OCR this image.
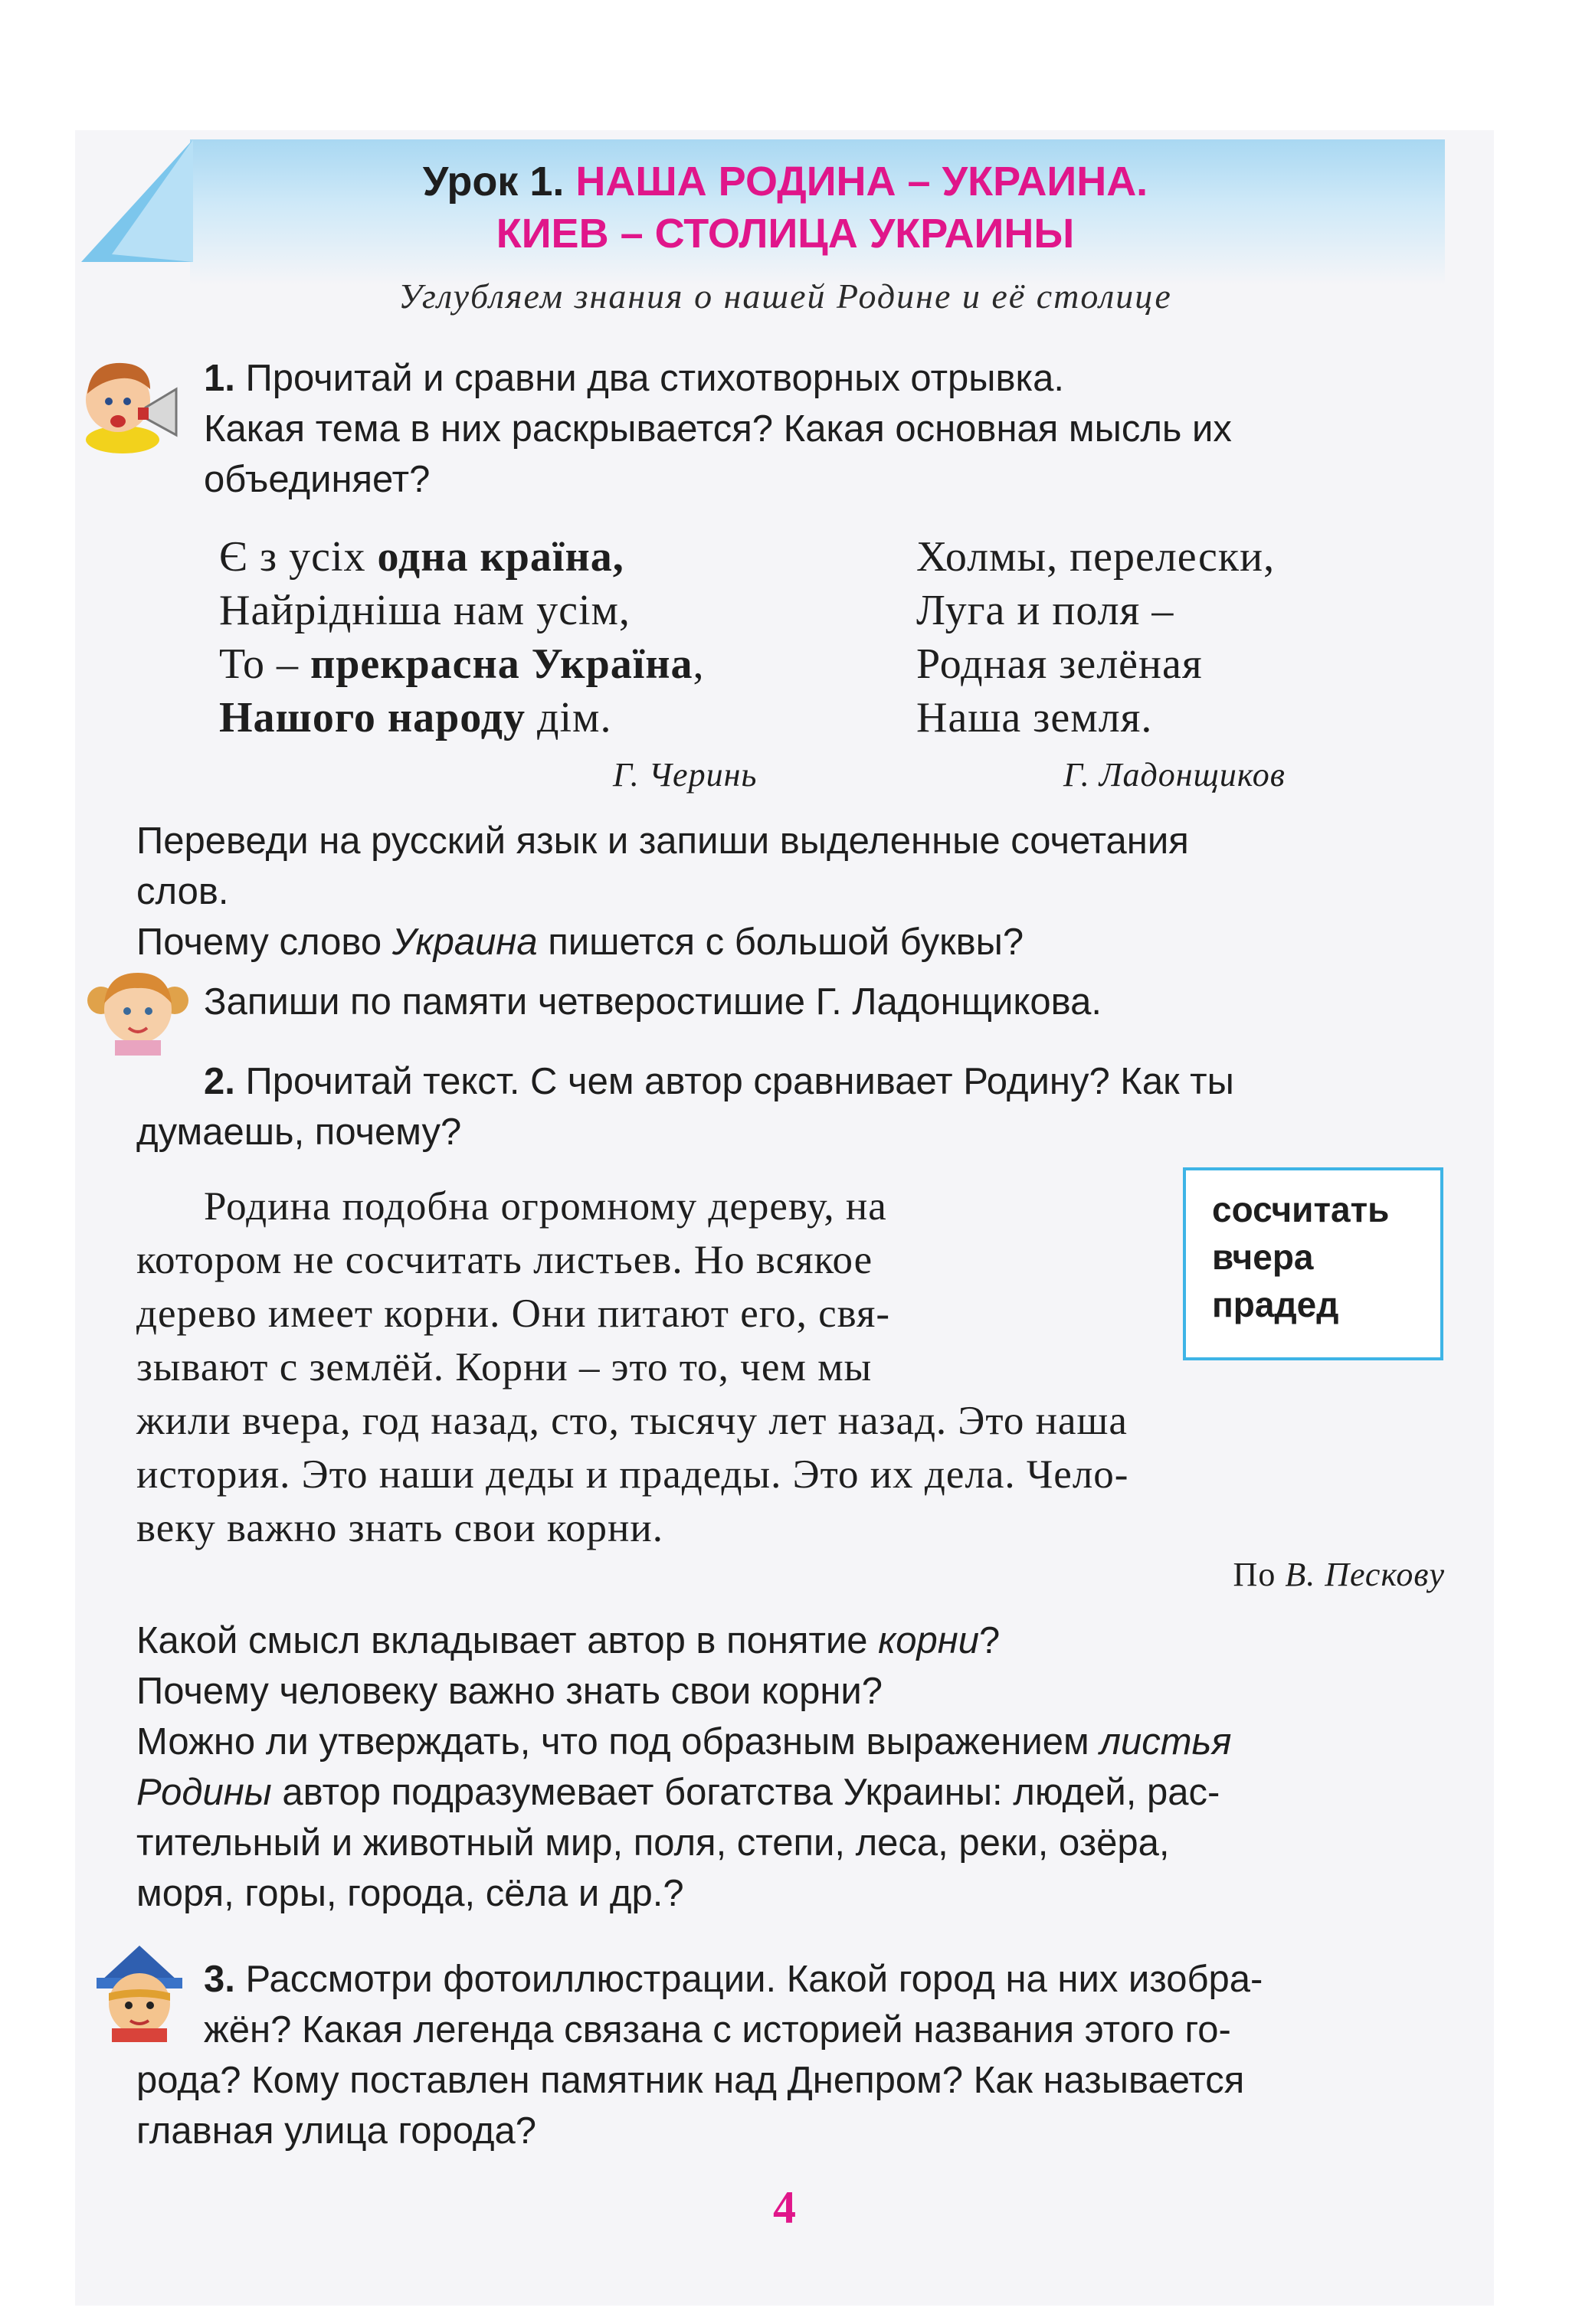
Урок 1. НАША РОДИНА – УКРАИНА.
КИЕВ – СТОЛИЦА УКРАИНЫ
Углубляем знания о нашей Родине и её столице
1. Прочитай и сравни два стихотворных отрывка.
Какая тема в них раскрывается? Какая основная мысль их
объединяет?
Є з усіх одна країна,
Найрідніша нам усім,
То – прекрасна Україна,
Нашого народу дім.
Г. Черинь
Холмы, перелески,
Луга и поля –
Родная зелёная
Наша земля.
Г. Ладонщиков
Переведи на русский язык и запиши выделенные сочетания
слов.
Почему слово Украина пишется с большой буквы?
Запиши по памяти четверостишие Г. Ладонщикова.
2. Прочитай текст. С чем автор сравнивает Родину? Как ты
думаешь, почему?
Родина подобна огромному дереву, на
котором не сосчитать листьев. Но всякое
дерево имеет корни. Они питают его, свя-
зывают с землёй. Корни – это то, чем мы
жили вчера, год назад, сто, тысячу лет назад. Это наша
история. Это наши деды и прадеды. Это их дела. Чело-
веку важно знать свои корни.
По В. Пескову
сосчитать
вчера
прадед
Какой смысл вкладывает автор в понятие корни?
Почему человеку важно знать свои корни?
Можно ли утверждать, что под образным выражением листья
Родины автор подразумевает богатства Украины: людей, рас-
тительный и животный мир, поля, степи, леса, реки, озёра,
моря, горы, города, сёла и др.?
3. Рассмотри фотоиллюстрации. Какой город на них изобра-
жён? Какая легенда связана с историей названия этого го-
рода? Кому поставлен памятник над Днепром? Как называется
главная улица города?
4
